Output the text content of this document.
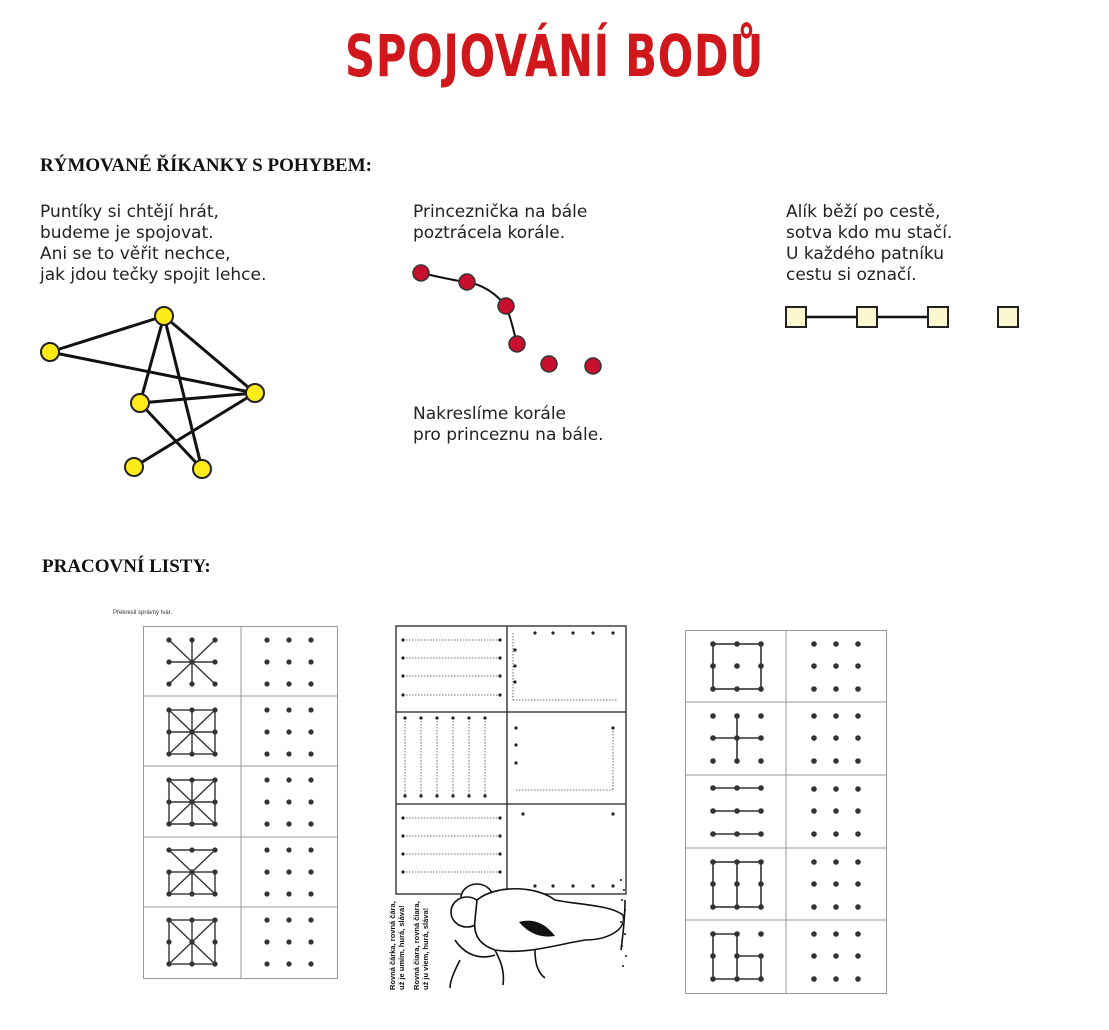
SPOJOVÁNÍ BODŮ
RÝMOVANÉ ŘÍKANKY S POHYBEM:
Puntíky si chtějí hrát,
budeme je spojovat.
Ani se to věřit nechce,
jak jdou tečky spojit lehce.
Princeznička na bále
poztrácela korále.
Nakreslíme korále
pro princeznu na bále.
Alík běží po cestě,
sotva kdo mu stačí.
U každého patníku
cestu si označí.
PRACOVNÍ LISTY:
Překresli správný tvar.
Rovná čárka, rovná čára, už je umím, hurá, sláva! Rovná čiara, rovná čiara, už ju viem, hurá, sláva!
